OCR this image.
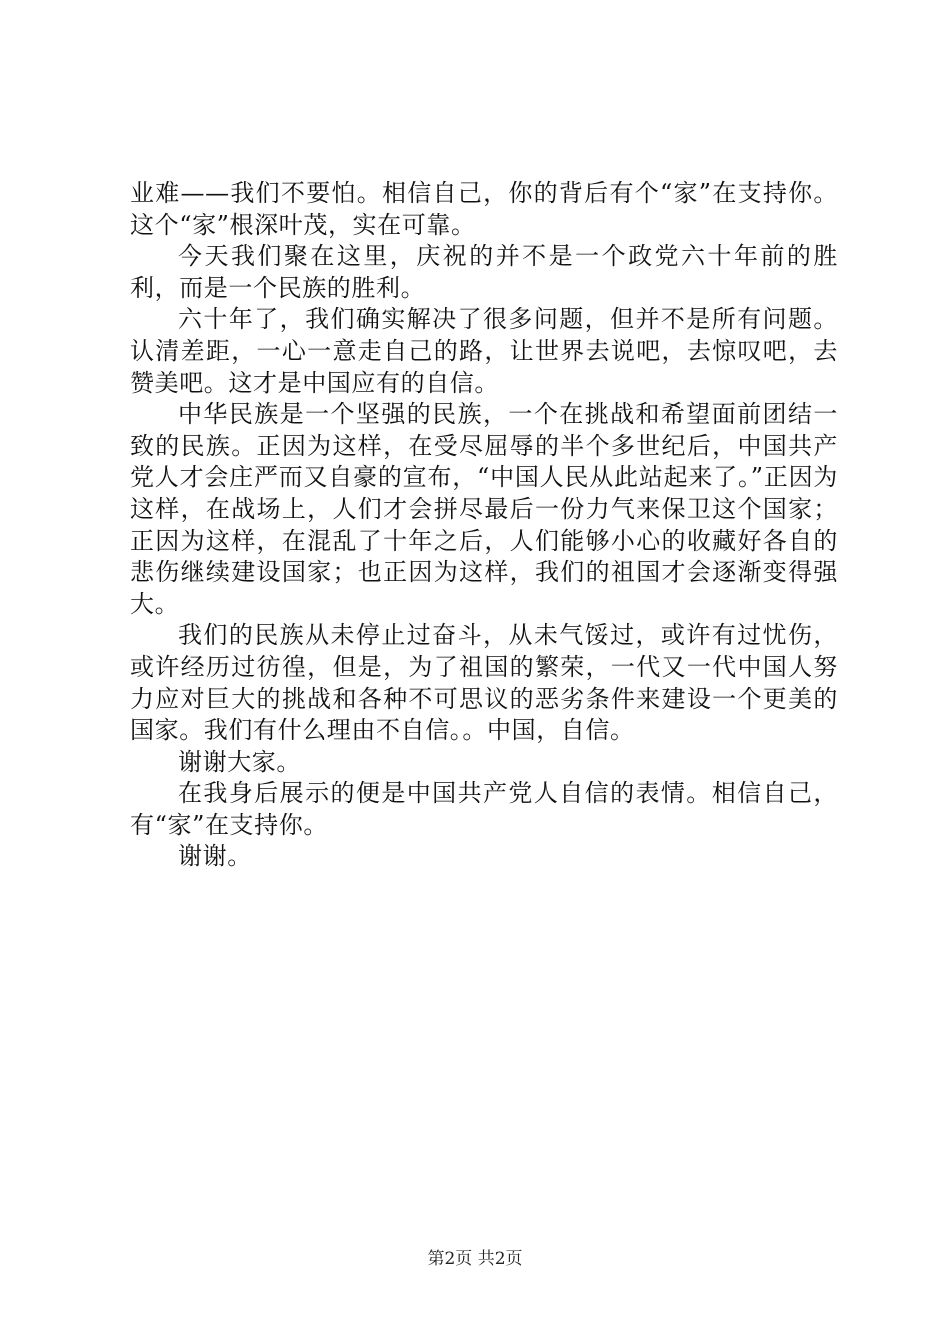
业难——我们不要怕。相信自己，你的背后有个“家”在支持你。这个“家”根深叶茂，实在可靠。

今天我们聚在这里，庆祝的并不是一个政党六十年前的胜利，而是一个民族的胜利。

六十年了，我们确实解决了很多问题，但并不是所有问题。认清差距，一心一意走自己的路，让世界去说吧，去惊叹吧，去赞美吧。这才是中国应有的自信。

中华民族是一个坚强的民族，一个在挑战和希望面前团结一致的民族。正因为这样，在受尽屈辱的半个多世纪后，中国共产党人才会庄严而又自豪的宣布，“中国人民从此站起来了。”正因为这样，在战场上，人们才会拼尽最后一份力气来保卫这个国家；正因为这样，在混乱了十年之后，人们能够小心的收藏好各自的悲伤继续建设国家；也正因为这样，我们的祖国才会逐渐变得强大。

我们的民族从未停止过奋斗，从未气馁过，或许有过忧伤，或许经历过彷徨，但是，为了祖国的繁荣，一代又一代中国人努力应对巨大的挑战和各种不可思议的恶劣条件来建设一个更美的国家。我们有什么理由不自信。。中国，自信。

谢谢大家。

在我身后展示的便是中国共产党人自信的表情。相信自己，有“家”在支持你。

谢谢。

第2页 共2页
